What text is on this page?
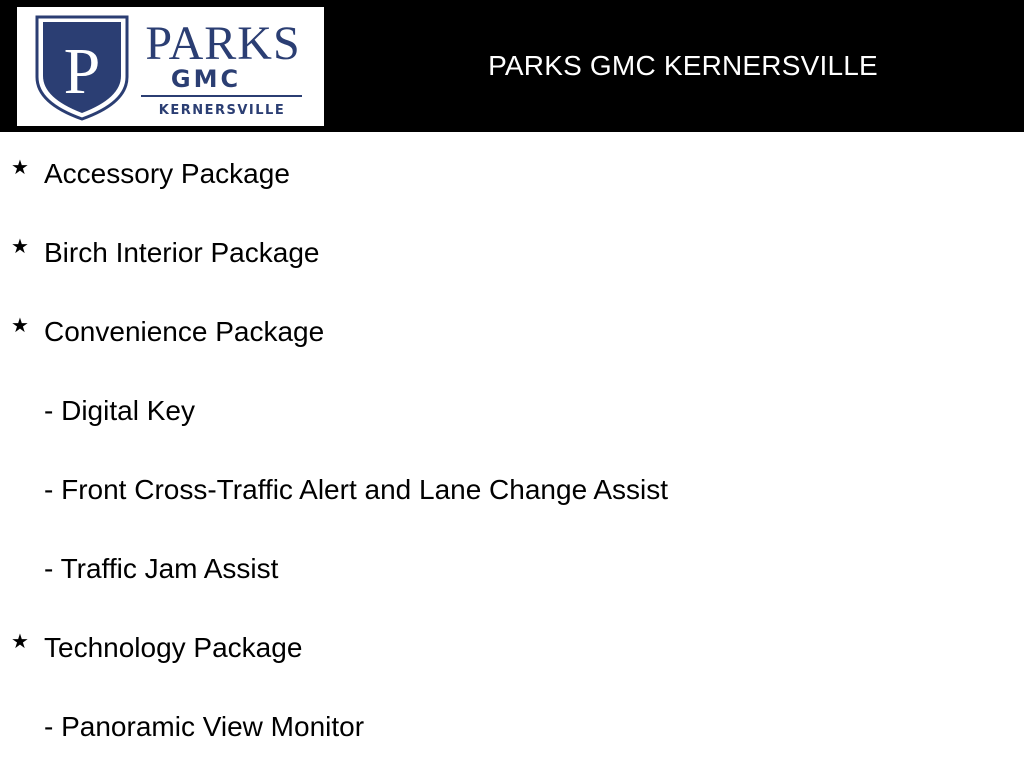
P PARKS
GMC
KERNERSVILLE
PARKS GMC KERNERSVILLE
★ Accessory Package
★ Birch Interior Package
★ Convenience Package
- Digital Key
- Front Cross-Traffic Alert and Lane Change Assist
- Traffic Jam Assist
★ Technology Package
- Panoramic View Monitor
